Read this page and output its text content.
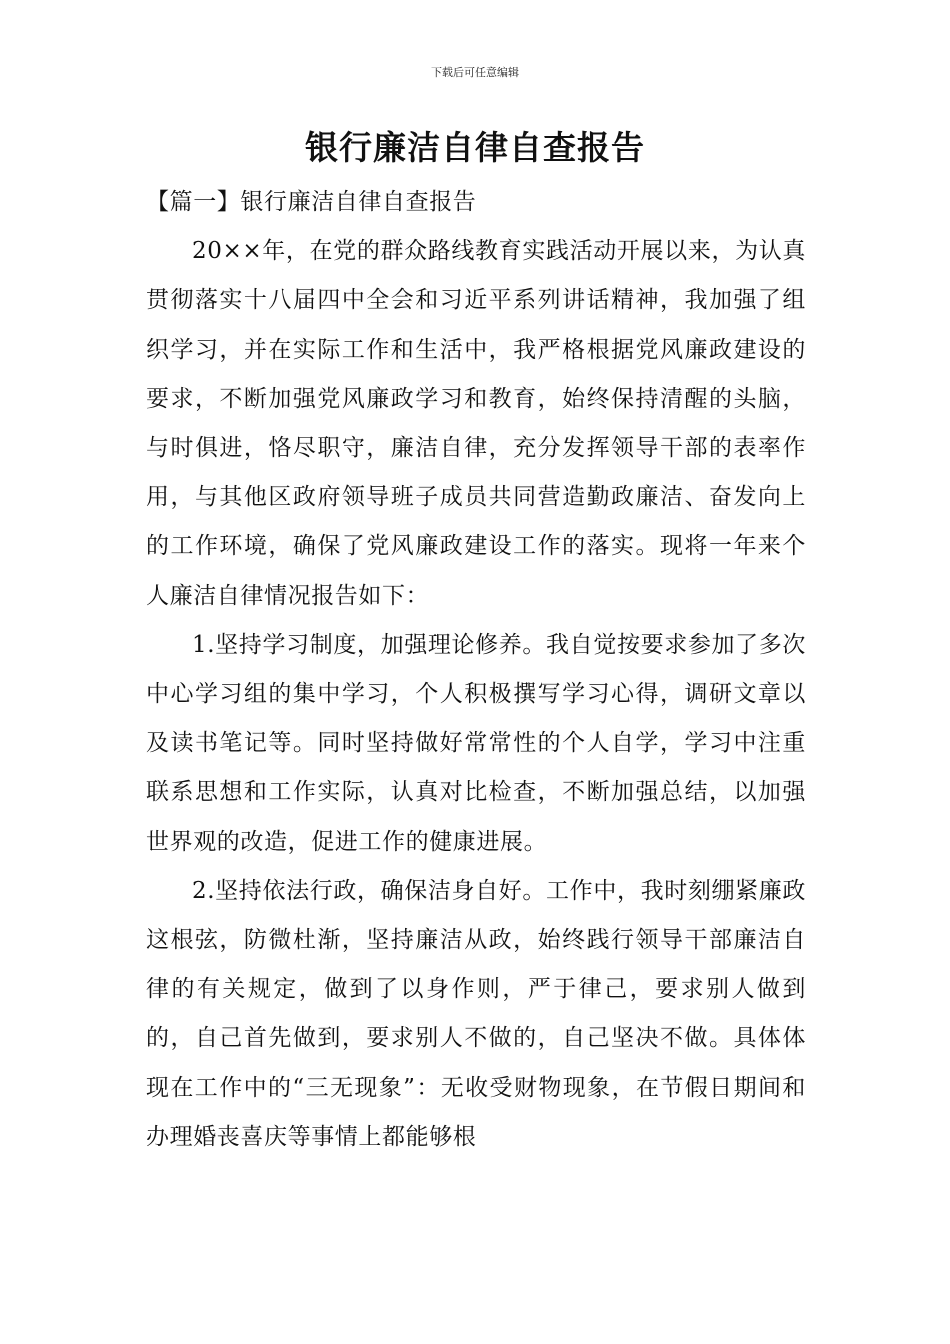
下载后可任意编辑
银行廉洁自律自查报告

【篇一】银行廉洁自律自查报告

20××年，在党的群众路线教育实践活动开展以来，为认真贯彻落实十八届四中全会和习近平系列讲话精神，我加强了组织学习，并在实际工作和生活中，我严格根据党风廉政建设的要求，不断加强党风廉政学习和教育，始终保持清醒的头脑，与时俱进，恪尽职守，廉洁自律，充分发挥领导干部的表率作用，与其他区政府领导班子成员共同营造勤政廉洁、奋发向上的工作环境，确保了党风廉政建设工作的落实。现将一年来个人廉洁自律情况报告如下：

1.坚持学习制度，加强理论修养。我自觉按要求参加了多次中心学习组的集中学习，个人积极撰写学习心得，调研文章以及读书笔记等。同时坚持做好常常性的个人自学，学习中注重联系思想和工作实际，认真对比检查，不断加强总结，以加强世界观的改造，促进工作的健康进展。

2.坚持依法行政，确保洁身自好。工作中，我时刻绷紧廉政这根弦，防微杜渐，坚持廉洁从政，始终践行领导干部廉洁自律的有关规定，做到了以身作则，严于律己，要求别人做到的，自己首先做到，要求别人不做的，自己坚决不做。具体体现在工作中的“三无现象”：无收受财物现象，在节假日期间和办理婚丧喜庆等事情上都能够根
